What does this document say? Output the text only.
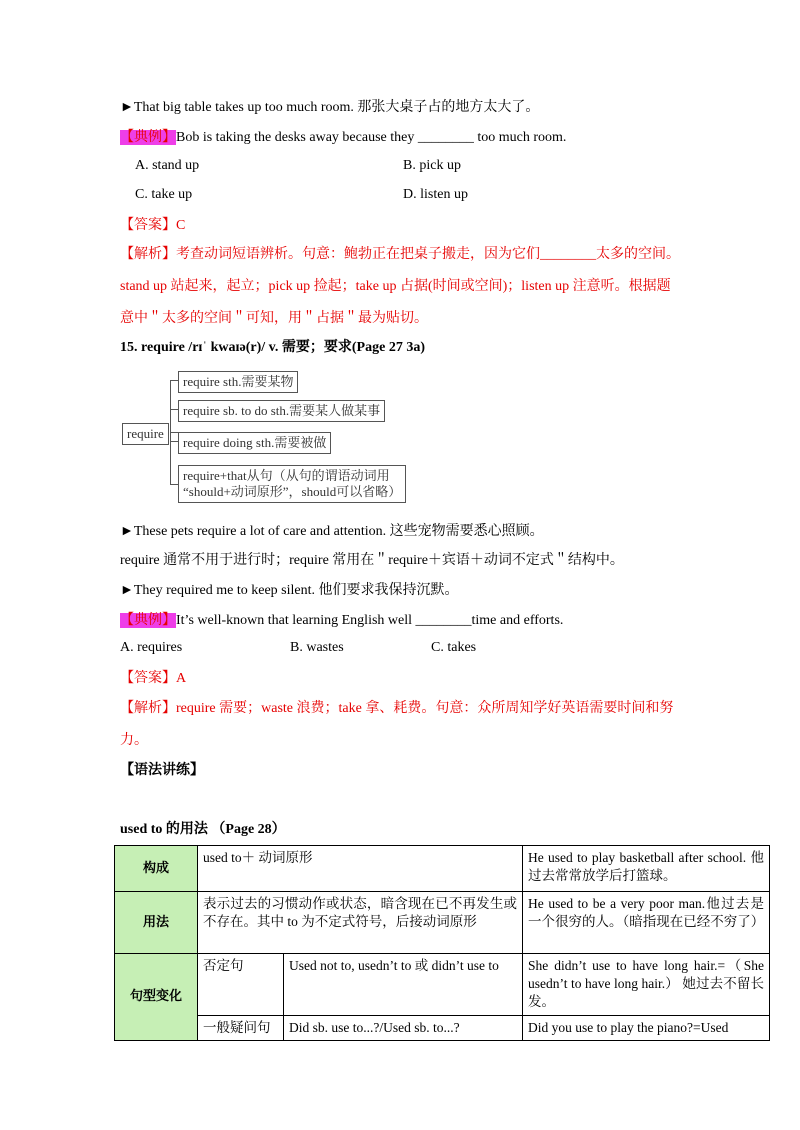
►That big table takes up too much room. 那张大桌子占的地方太大了。
【典例】Bob is taking the desks away because they ________ too much room.
A. stand up	B. pick up
C. take up	D. listen up
【答案】C
【解析】考查动词短语辨析。句意：鲍勃正在把桌子搬走，因为它们________太多的空间。
stand up 站起来，起立；pick up 捡起；take up 占据(时间或空间)；listen up 注意听。根据题
意中＂太多的空间＂可知，用＂占据＂最为贴切。
15. require /rɪˈ kwaɪə(r)/ v. 需要；要求(Page 27 3a)
require
require sth.需要某物
require sb. to do sth.需要某人做某事
require doing sth.需要被做
require+that从句（从句的谓语动词用
“should+动词原形”，should可以省略）
►These pets require a lot of care and attention. 这些宠物需要悉心照顾。
require 通常不用于进行时；require 常用在＂require＋宾语＋动词不定式＂结构中。
►They required me to keep silent. 他们要求我保持沉默。
【典例】It’s well-known that learning English well ________time and efforts.
A. requires	B. wastes	C. takes
【答案】A
【解析】require 需要；waste 浪费；take 拿、耗费。句意：众所周知学好英语需要时间和努
力。
【语法讲练】
used to 的用法 （Page 28）
构成	used to＋ 动词原形		He used to play basketball after school. 他过去常常放学后打篮球。
用法	表示过去的习惯动作或状态，暗含现在已不再发生或不存在。其中 to 为不定式符号，后接动词原形		He used to be a very poor man.他过去是一个很穷的人。（暗指现在已经不穷了）
句型变化	否定句	Used not to, usedn’t to 或 didn’t use to	She didn’t use to have long hair.=（She usedn’t to have long hair.） 她过去不留长发。
	一般疑问句	Did sb. use to...?/Used sb. to...?	Did you use to play the piano?=Used
